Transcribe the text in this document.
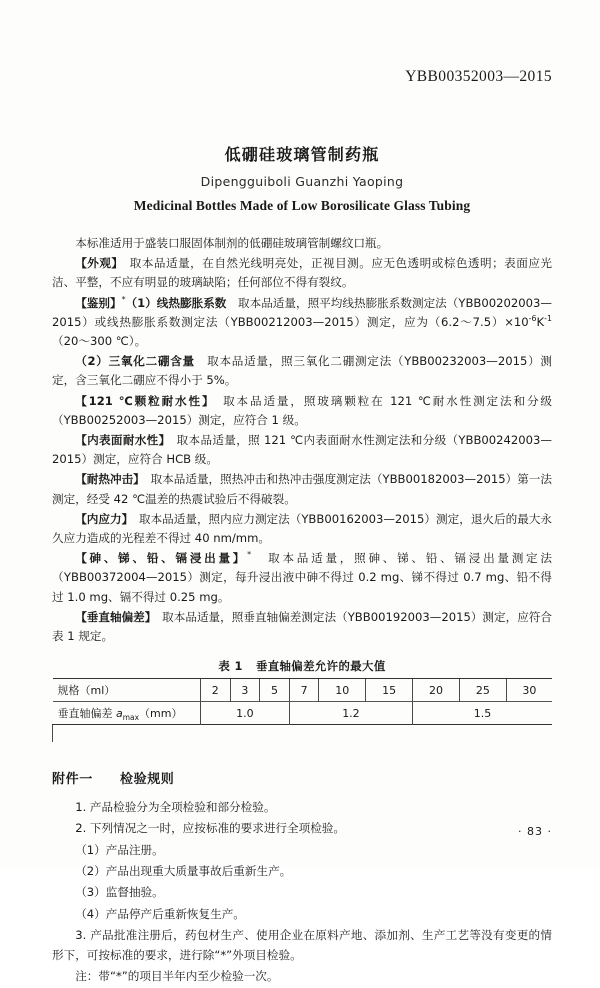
YBB00352003—2015
低硼硅玻璃管制药瓶
Dipengguiboli Guanzhi Yaoping
Medicinal Bottles Made of Low Borosilicate Glass Tubing

本标准适用于盛装口服固体制剂的低硼硅玻璃管制螺纹口瓶。

【外观】　取本品适量，在自然光线明亮处，正视目测。应无色透明或棕色透明；表面应光洁、平整，不应有明显的玻璃缺陷；任何部位不得有裂纹。

【鉴别】*（1）线热膨胀系数　取本品适量，照平均线热膨胀系数测定法（YBB00202003—2015）或线热膨胀系数测定法（YBB00212003—2015）测定，应为$(6.2\sim 7.5)\times 10^{-6}K^{-1}(20\sim 300$ ℃）。

（2）三氧化二硼含量　取本品适量，照三氧化二硼测定法（YBB00232003—2015）测定，含三氧化二硼应不得小于 5%。

【121 ℃颗粒耐水性】　取本品适量，照玻璃颗粒在 121 ℃耐水性测定法和分级（YBB00252003—2015）测定，应符合 1 级。

【内表面耐水性】　取本品适量，照 121 ℃内表面耐水性测定法和分级（YBB00242003—2015）测定，应符合 HCB 级。

【耐热冲击】　取本品适量，照热冲击和热冲击强度测定法（YBB00182003—2015）第一法测定，经受 42 ℃温差的热震试验后不得破裂。

【内应力】　取本品适量，照内应力测定法（YBB00162003—2015）测定，退火后的最大永久应力造成的光程差不得过 40 nm/mm。

【砷、锑、铅、镉浸出量】*　取本品适量，照砷、锑、铅、镉浸出量测定法（YBB00372004—2015）测定，每升浸出液中砷不得过 0.2 mg、锑不得过 0.7 mg、铅不得过 1.0 mg、镉不得过 0.25 mg。

【垂直轴偏差】　取本品适量，照垂直轴偏差测定法（YBB00192003—2015）测定，应符合表 1 规定。

表 1 垂直轴偏差允许的最大值
规格（ml）	2	3	5	7	10	15	20	25	30
垂直轴偏差 $a_{max}(mm)$	1.0			1.2			1.5		

附件一　　检验规则

1. 产品检验分为全项检验和部分检验。

2. 下列情况之一时，应按标准的要求进行全项检验。

（1）产品注册。

（2）产品出现重大质量事故后重新生产。

（3）监督抽验。

（4）产品停产后重新恢复生产。

3. 产品批准注册后，药包材生产、使用企业在原料产地、添加剂、生产工艺等没有变更的情形下，可按标准的要求，进行除“*”外项目检验。

注：带“*”的项目半年内至少检验一次。

· 83 ·
